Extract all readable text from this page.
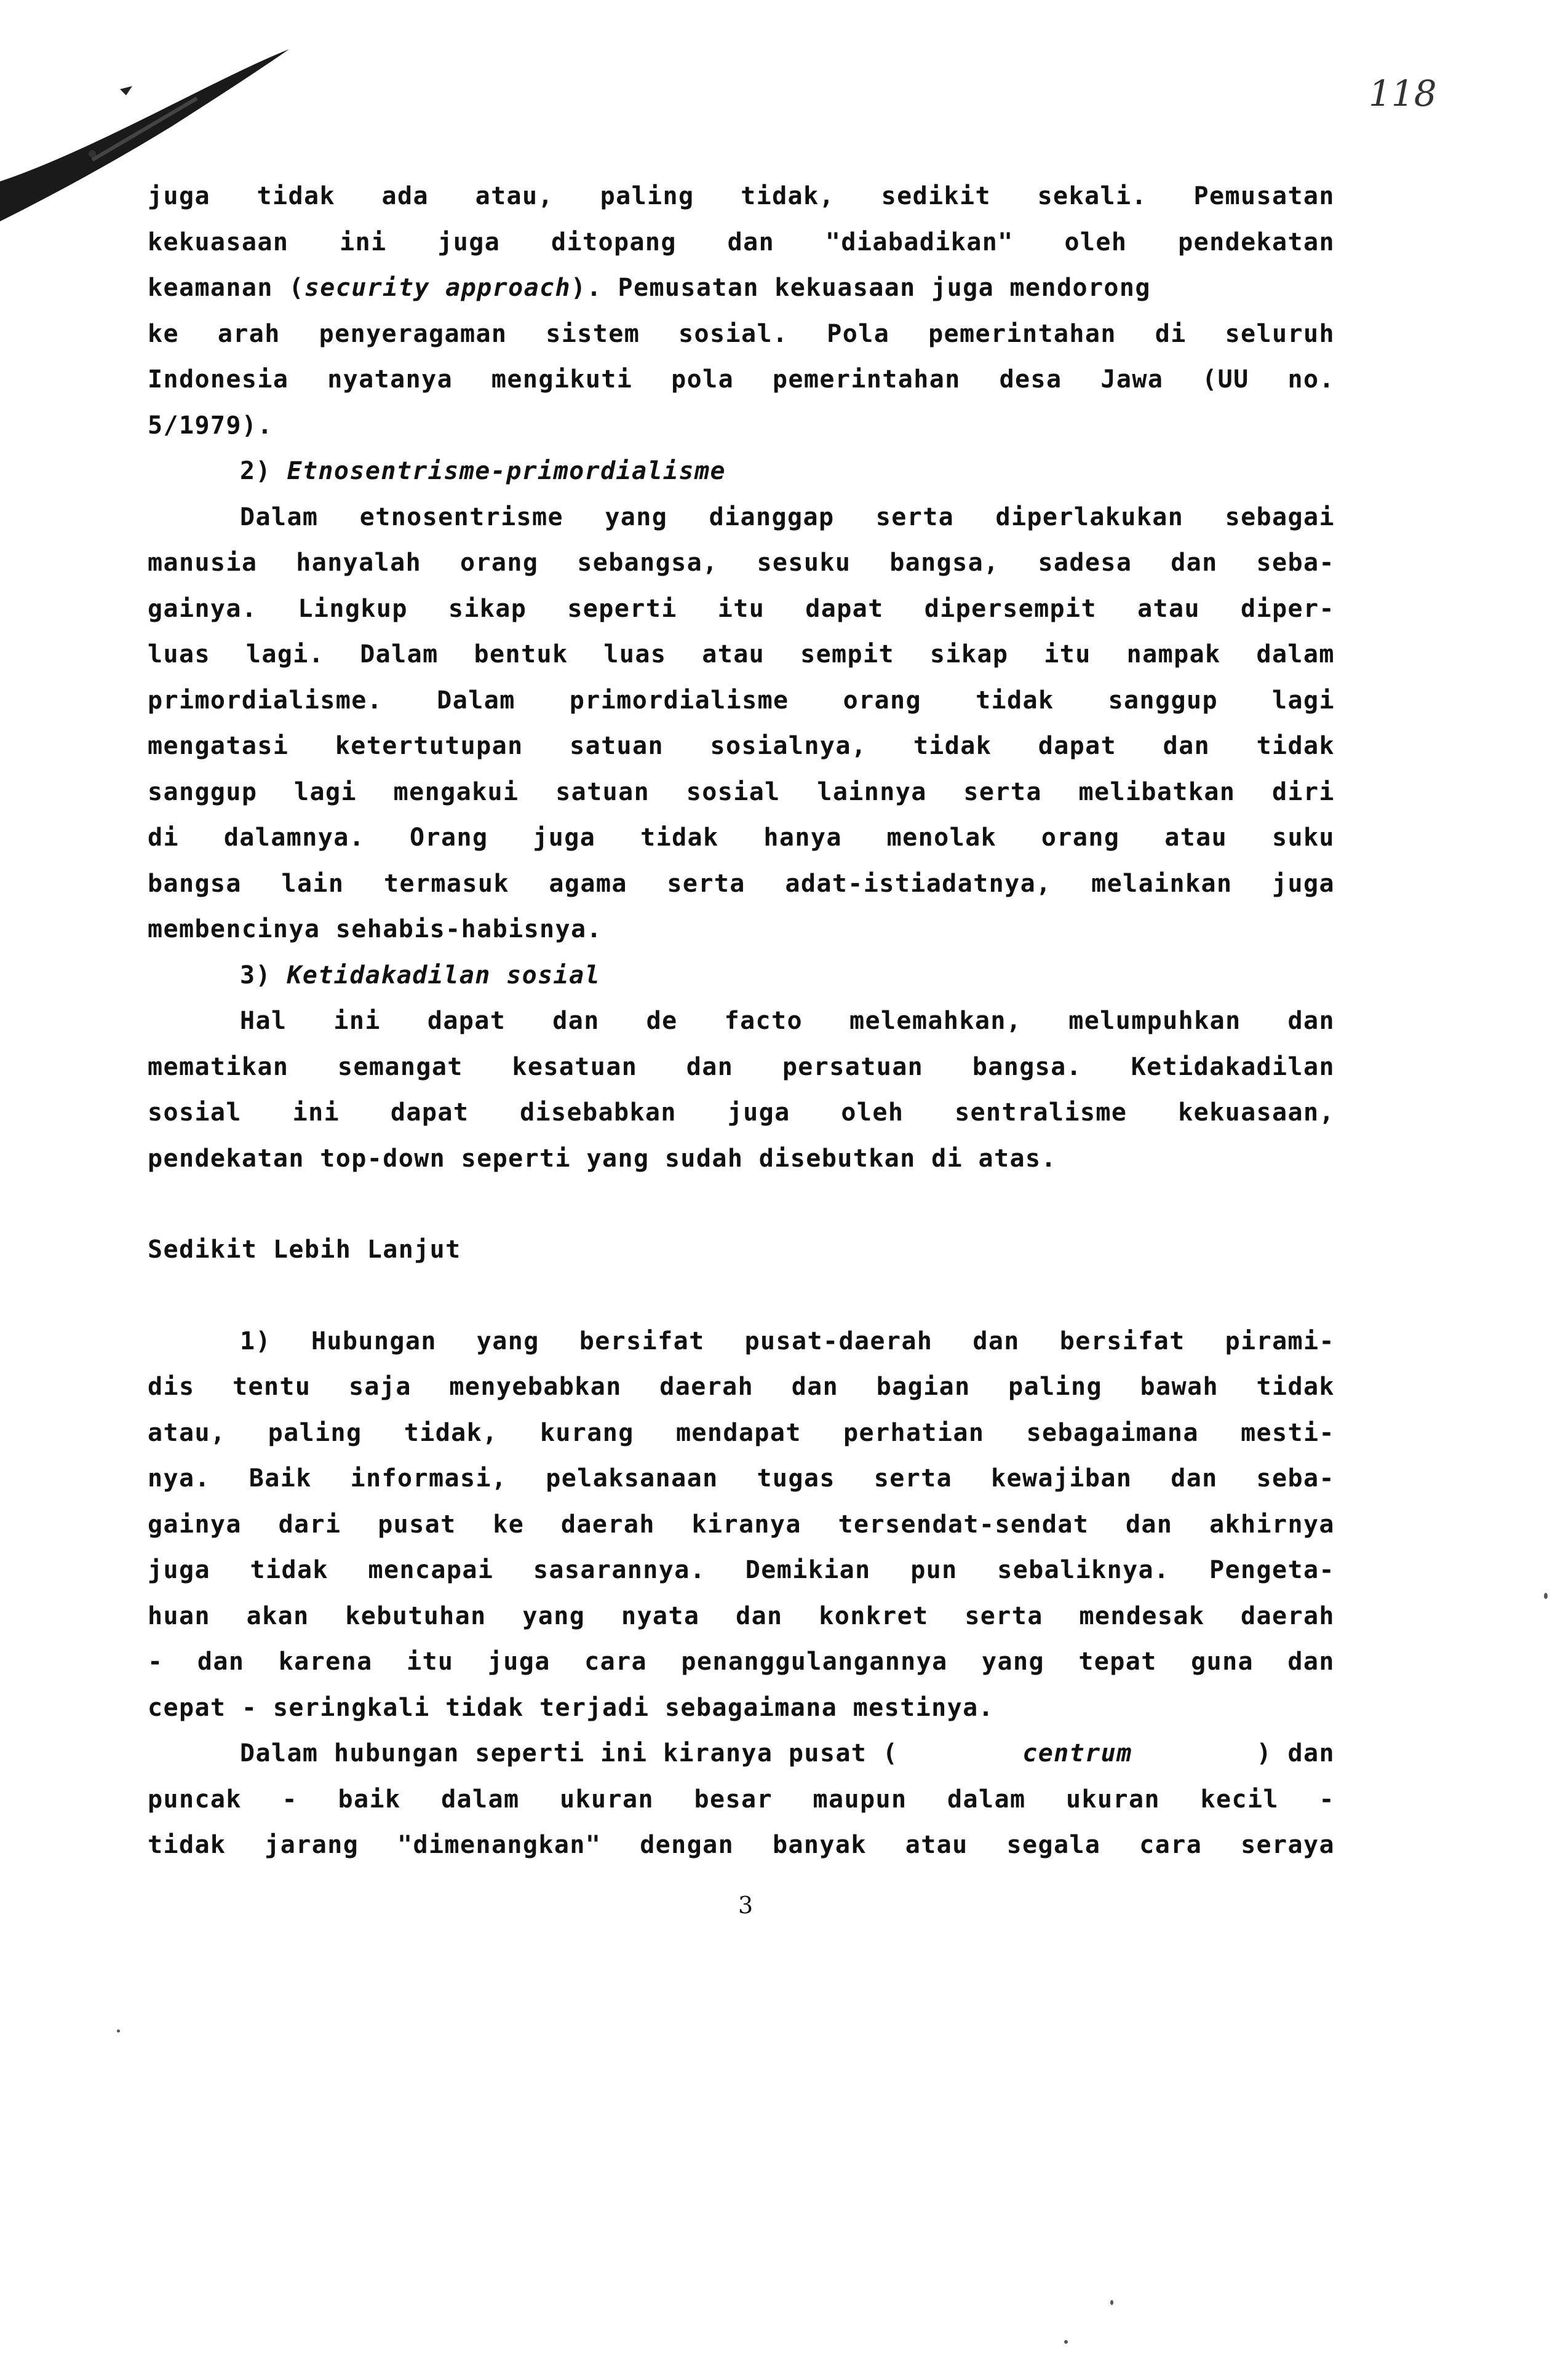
118
juga tidak ada atau, paling tidak, sedikit sekali. Pemusatan
kekuasaan ini juga ditopang dan "diabadikan" oleh pendekatan
keamanan (security approach). Pemusatan kekuasaan juga mendorong
ke arah penyeragaman sistem sosial. Pola pemerintahan di seluruh
Indonesia nyatanya mengikuti pola pemerintahan desa Jawa (UU no.
5/1979).
2) Etnosentrisme-primordialisme
Dalam etnosentrisme yang dianggap serta diperlakukan sebagai
manusia hanyalah orang sebangsa, sesuku bangsa, sadesa dan seba-
gainya. Lingkup sikap seperti itu dapat dipersempit atau diper-
luas lagi. Dalam bentuk luas atau sempit sikap itu nampak dalam
primordialisme. Dalam primordialisme orang tidak sanggup lagi
mengatasi ketertutupan satuan sosialnya, tidak dapat dan tidak
sanggup lagi mengakui satuan sosial lainnya serta melibatkan diri
di dalamnya. Orang juga tidak hanya menolak orang atau suku
bangsa lain termasuk agama serta adat-istiadatnya, melainkan juga
membencinya sehabis-habisnya.
3) Ketidakadilan sosial
Hal ini dapat dan de facto melemahkan, melumpuhkan dan
mematikan semangat kesatuan dan persatuan bangsa. Ketidakadilan
sosial ini dapat disebabkan juga oleh sentralisme kekuasaan,
pendekatan top-down seperti yang sudah disebutkan di atas.
Sedikit Lebih Lanjut
1) Hubungan yang bersifat pusat-daerah dan bersifat pirami-
dis tentu saja menyebabkan daerah dan bagian paling bawah tidak
atau, paling tidak, kurang mendapat perhatian sebagaimana mesti-
nya. Baik informasi, pelaksanaan tugas serta kewajiban dan seba-
gainya dari pusat ke daerah kiranya tersendat-sendat dan akhirnya
juga tidak mencapai sasarannya. Demikian pun sebaliknya. Pengeta-
huan akan kebutuhan yang nyata dan konkret serta mendesak daerah
- dan karena itu juga cara penanggulangannya yang tepat guna dan
cepat - seringkali tidak terjadi sebagaimana mestinya.
Dalam hubungan seperti ini kiranya pusat (	centrum	) dan
puncak - baik dalam ukuran besar maupun dalam ukuran kecil -
tidak jarang "dimenangkan" dengan banyak atau segala cara seraya
3
